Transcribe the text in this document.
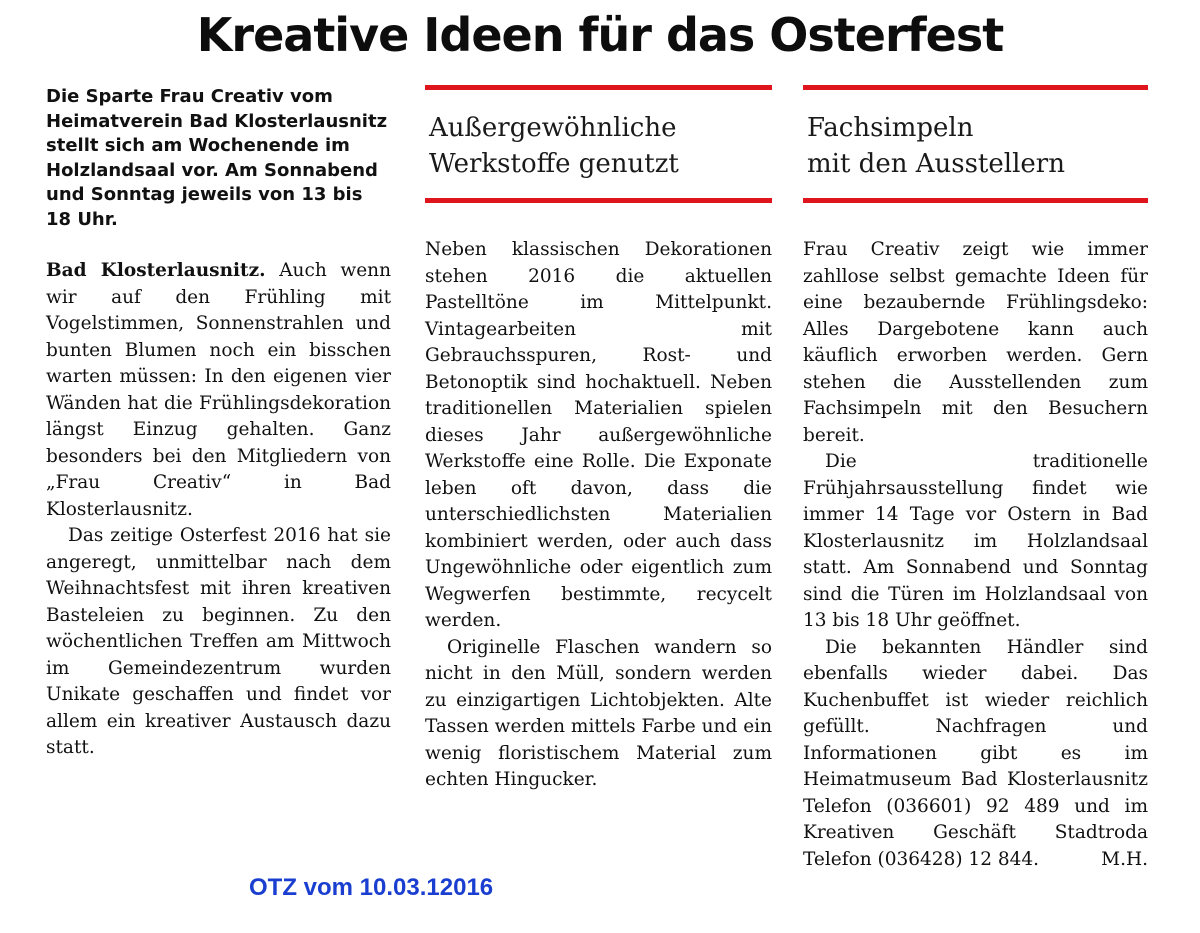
Kreative Ideen für das Osterfest

Die Sparte Frau Creativ vom Heimatverein Bad Klosterlausnitz stellt sich am Wochenende im Holzlandsaal vor. Am Sonnabend und Sonntag jeweils von 13 bis 18 Uhr.

Bad Klosterlausnitz. Auch wenn wir auf den Frühling mit Vogelstimmen, Sonnenstrahlen und bunten Blumen noch ein bisschen warten müssen: In den eigenen vier Wänden hat die Frühlingsdekoration längst Einzug gehalten. Ganz besonders bei den Mitgliedern von „Frau Creativ“ in Bad Klosterlausnitz.

Das zeitige Osterfest 2016 hat sie angeregt, unmittelbar nach dem Weihnachtsfest mit ihren kreativen Basteleien zu beginnen. Zu den wöchentlichen Treffen am Mittwoch im Gemeindezentrum wurden Unikate geschaffen und findet vor allem ein kreativer Austausch dazu statt.

Außergewöhnliche
Werkstoffe genutzt

Neben klassischen Dekorationen stehen 2016 die aktuellen Pastelltöne im Mittelpunkt. Vintagearbeiten mit Gebrauchsspuren, Rost- und Betonoptik sind hochaktuell. Neben traditionellen Materialien spielen dieses Jahr außergewöhnliche Werkstoffe eine Rolle. Die Exponate leben oft davon, dass die unterschiedlichsten Materialien kombiniert werden, oder auch dass Ungewöhnliche oder eigentlich zum Wegwerfen bestimmte, recycelt werden.

Originelle Flaschen wandern so nicht in den Müll, sondern werden zu einzigartigen Lichtobjekten. Alte Tassen werden mittels Farbe und ein wenig floristischem Material zum echten Hingucker.

Fachsimpeln
mit den Ausstellern

Frau Creativ zeigt wie immer zahllose selbst gemachte Ideen für eine bezaubernde Frühlingsdeko: Alles Dargebotene kann auch käuflich erworben werden. Gern stehen die Ausstellenden zum Fachsimpeln mit den Besuchern bereit.

Die traditionelle Frühjahrsausstellung findet wie immer 14 Tage vor Ostern in Bad Klosterlausnitz im Holzlandsaal statt. Am Sonnabend und Sonntag sind die Türen im Holzlandsaal von 13 bis 18 Uhr geöffnet.

Die bekannten Händler sind ebenfalls wieder dabei. Das Kuchenbuffet ist wieder reichlich gefüllt. Nachfragen und Informationen gibt es im Heimatmuseum Bad Klosterlausnitz Telefon (036601) 92 489 und im Kreativen Geschäft Stadtroda Telefon (036428) 12 844.	M.H.

OTZ vom 10.03.12016
